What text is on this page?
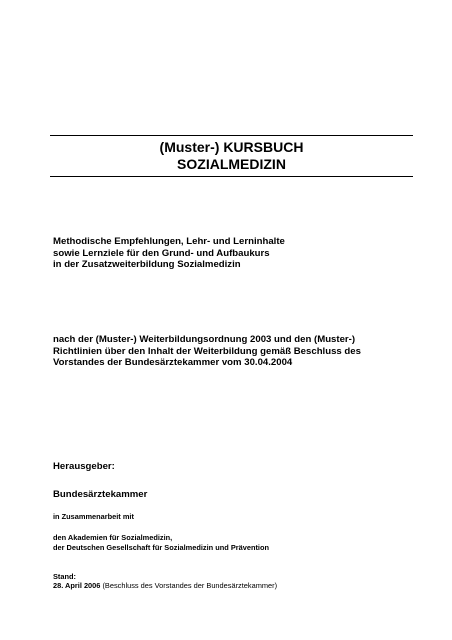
(Muster-) KURSBUCH
SOZIALMEDIZIN
Methodische Empfehlungen, Lehr- und Lerninhalte
sowie Lernziele für den Grund- und Aufbaukurs
in der Zusatzweiterbildung Sozialmedizin
nach der (Muster-) Weiterbildungsordnung 2003 und den (Muster-)
Richtlinien über den Inhalt der Weiterbildung gemäß Beschluss des
Vorstandes der Bundesärztekammer vom 30.04.2004
Herausgeber:
Bundesärztekammer
in Zusammenarbeit mit
den Akademien für Sozialmedizin,
der Deutschen Gesellschaft für Sozialmedizin und Prävention
Stand:
28. April 2006 (Beschluss des Vorstandes der Bundesärztekammer)
